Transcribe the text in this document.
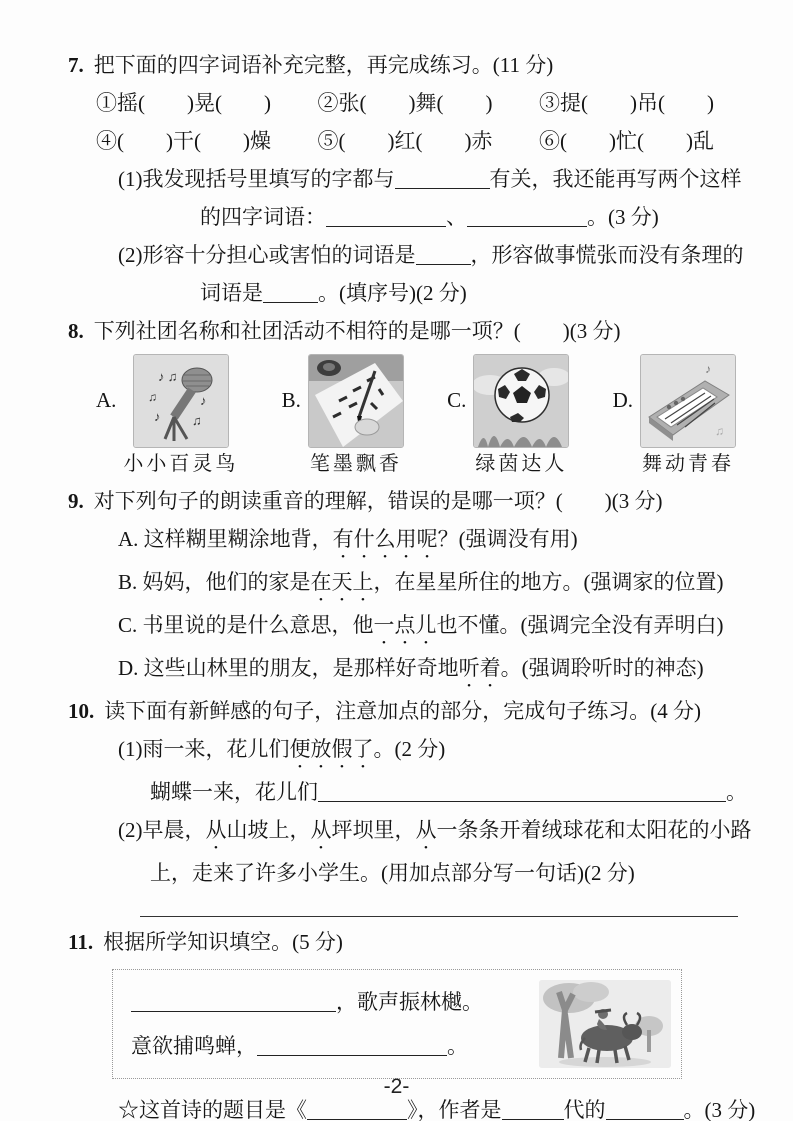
7. 把下面的四字词语补充完整，再完成练习。(11 分)
①摇(　　)晃(　　) ②张(　　)舞(　　) ③提(　　)吊(　　)
④(　　)干(　　)燥 ⑤(　　)红(　　)赤 ⑥(　　)忙(　　)乱
(1)我发现括号里填写的字都与	有关，我还能再写两个这样
的四字词语：	、	。(3 分)
(2)形容十分担心或害怕的词语是	，形容做事慌张而没有条理的
词语是	。(填序号)(2 分)
8. 下列社团名称和社团活动不相符的是哪一项？(　　)(3 分)
A.
♪ ♫
♫
♪
♪
♫
小小百灵鸟
B.
笔墨飘香
C.
绿茵达人
D.
♪
♫
舞动青春
9. 对下列句子的朗读重音的理解，错误的是哪一项？(　　)(3 分)
A. 这样糊里糊涂地背，有什么用呢？(强调没有用)
B. 妈妈，他们的家是在天上，在星星所住的地方。(强调家的位置)
C. 书里说的是什么意思，他一点儿也不懂。(强调完全没有弄明白)
D. 这些山林里的朋友，是那样好奇地听着。(强调聆听时的神态)
10. 读下面有新鲜感的句子，注意加点的部分，完成句子练习。(4 分)
(1)雨一来，花儿们便放假了。(2 分)
蝴蝶一来，花儿们	。
(2)早晨，从山坡上，从坪坝里，从一条条开着绒球花和太阳花的小路
上，走来了许多小学生。(用加点部分写一句话)(2 分)
11. 根据所学知识填空。(5 分)
，歌声振林樾。
意欲捕鸣蝉，	。
☆这首诗的题目是《	》，作者是	代的	。(3 分)
-2-
